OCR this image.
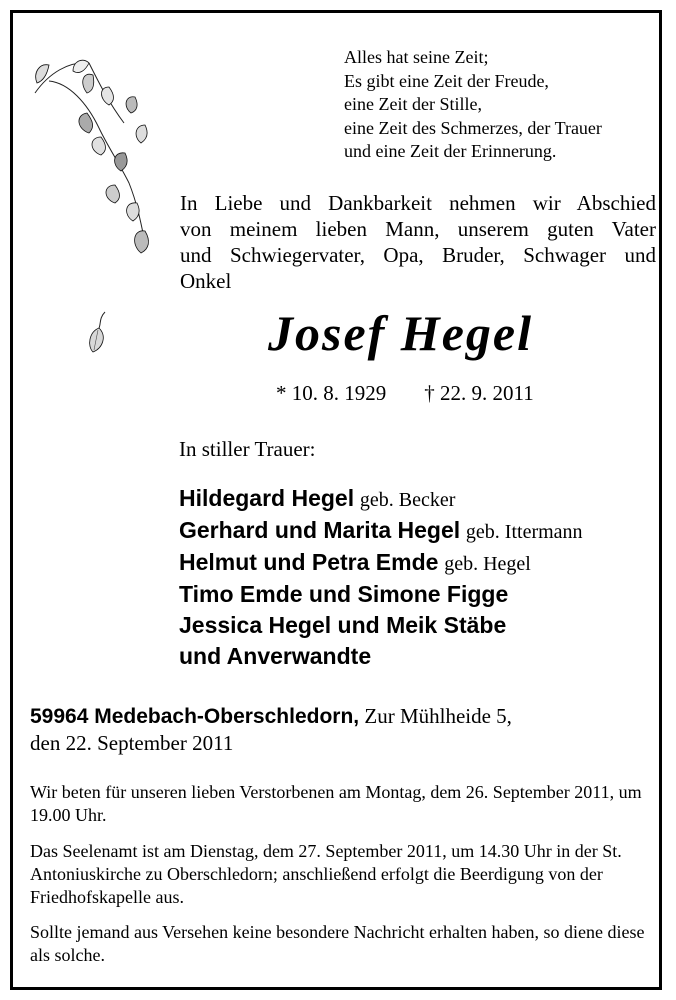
Alles hat seine Zeit;
Es gibt eine Zeit der Freude,
eine Zeit der Stille,
eine Zeit des Schmerzes, der Trauer
und eine Zeit der Erinnerung.
In Liebe und Dankbarkeit nehmen wir Abschied
von meinem lieben Mann, unserem guten Vater
und Schwiegervater, Opa, Bruder, Schwager und
Onkel
Josef Hegel
* 10. 8. 1929 † 22. 9. 2011
In stiller Trauer:
Hildegard Hegel geb. Becker
Gerhard und Marita Hegel geb. Ittermann
Helmut und Petra Emde geb. Hegel
Timo Emde und Simone Figge
Jessica Hegel und Meik Stäbe
und Anverwandte
59964 Medebach-Oberschledorn, Zur Mühlheide 5,
den 22. September 2011

Wir beten für unseren lieben Verstorbenen am Montag, dem 26. September 2011, um 19.00 Uhr.

Das Seelenamt ist am Dienstag, dem 27. September 2011, um 14.30 Uhr in der St. Antoniuskirche zu Oberschledorn; anschließend erfolgt die Beerdigung von der Friedhofskapelle aus.

Sollte jemand aus Versehen keine besondere Nachricht erhalten haben, so diene diese als solche.
